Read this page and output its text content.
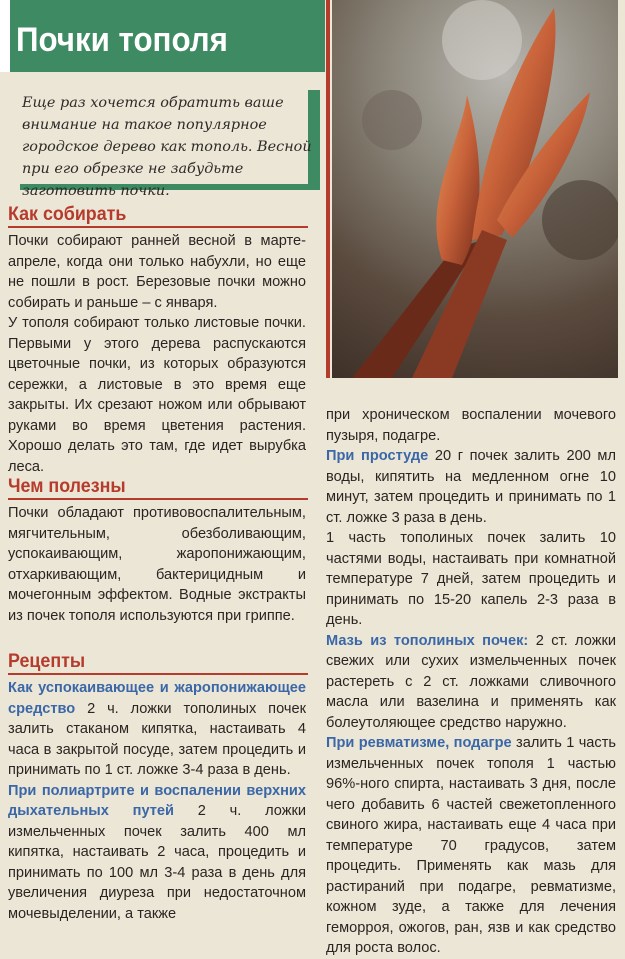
Почки тополя
Еще раз хочется обратить ваше внимание на такое популярное городское дерево как тополь. Весной при его обрезке не забудьте заготовить почки.
Как собирать

Почки собирают ранней весной в марте-апреле, когда они только набухли, но еще не пошли в рост. Березовые почки можно собирать и раньше – с января.

У тополя собирают только листовые почки. Первыми у этого дерева распускаются цветочные почки, из которых образуются сережки, а листовые в это время еще закрыты. Их срезают ножом или обрывают руками во время цветения растения. Хорошо делать это там, где идет вырубка леса.

Чем полезны

Почки обладают противовоспалительным, мягчительным, обезболивающим, успокаивающим, жаропонижающим, отхаркивающим, бактерицидным и мочегонным эффектом. Водные экстракты из почек тополя используются при гриппе.

Рецепты

Как успокаивающее и жаропонижающее средство 2 ч. ложки тополиных почек залить стаканом кипятка, настаивать 4 часа в закрытой посуде, затем процедить и принимать по 1 ст. ложке 3-4 раза в день.

При полиартрите и воспалении верхних дыхательных путей 2 ч. ложки измельченных почек залить 400 мл кипятка, настаивать 2 часа, процедить и принимать по 100 мл 3-4 раза в день для увеличения диуреза при недостаточном мочевыделении, а также

при хроническом воспалении мочевого пузыря, подагре.

При простуде 20 г почек залить 200 мл воды, кипятить на медленном огне 10 минут, затем процедить и принимать по 1 ст. ложке 3 раза в день.

1 часть тополиных почек залить 10 частями воды, настаивать при комнатной температуре 7 дней, затем процедить и принимать по 15-20 капель 2-3 раза в день.

Мазь из тополиных почек: 2 ст. ложки свежих или сухих измельченных почек растереть с 2 ст. ложками сливочного масла или вазелина и применять как болеутоляющее средство наружно.

При ревматизме, подагре залить 1 часть измельченных почек тополя 1 частью 96%-ного спирта, настаивать 3 дня, после чего добавить 6 частей свежетопленного свиного жира, настаивать еще 4 часа при температуре 70 градусов, затем процедить. Применять как мазь для растираний при подагре, ревматизме, кожном зуде, а также для лечения геморроя, ожогов, ран, язв и как средство для роста волос.
